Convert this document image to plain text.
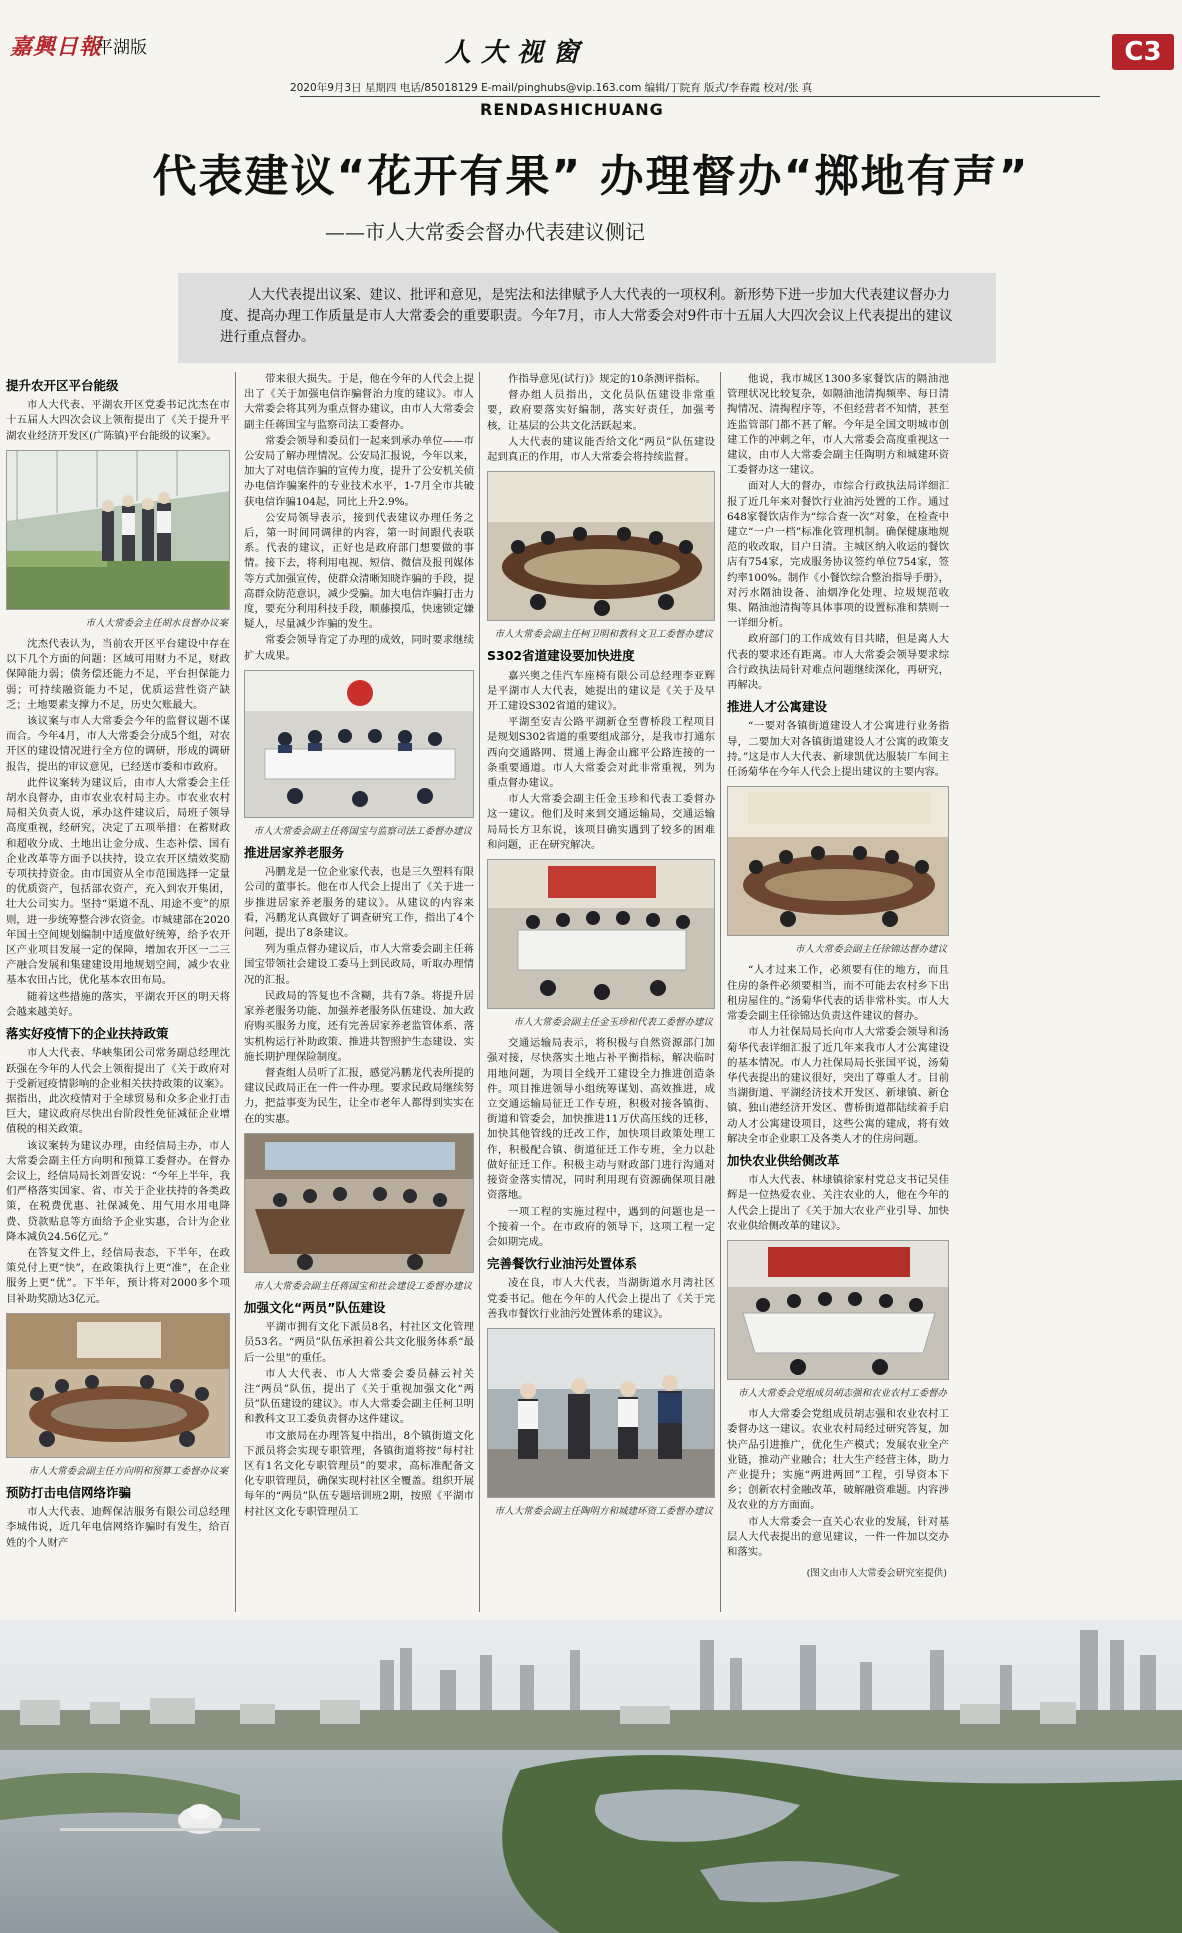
嘉興日報
平湖版	人大视窗	C3
2020年9月3日 星期四 电话/85018129 E-mail/pinghubs@vip.163.com 编辑/丁院育 版式/李春霞 校对/张 真
RENDASHICHUANG
代表建议“花开有果” 办理督办“掷地有声”
——市人大常委会督办代表建议侧记
人大代表提出议案、建议、批评和意见，是宪法和法律赋予人大代表的一项权利。新形势下进一步加大代表建议督办力度、提高办理工作质量是市人大常委会的重要职责。今年7月，市人大常委会对9件市十五届人大四次会议上代表提出的建议进行重点督办。
提升农开区平台能级

市人大代表、平湖农开区党委书记沈杰在市十五届人大四次会议上领衔提出了《关于提升平湖农业经济开发区(广陈镇)平台能级的议案》。

市人大常委会主任胡水良督办议案

沈杰代表认为，当前农开区平台建设中存在以下几个方面的问题：区域可用财力不足，财政保障能力弱；债务偿还能力不足，平台担保能力弱；可持续融资能力不足，优质运营性资产缺乏；土地要素支撑力不足，历史欠账最大。

该议案与市人大常委会今年的监督议题不谋而合。今年4月，市人大常委会分成5个组，对农开区的建设情况进行全方位的调研，形成的调研报告，提出的审议意见，已经送市委和市政府。

此件议案转为建议后，由市人大常委会主任胡水良督办，由市农业农村局主办。市农业农村局相关负责人说，承办这件建议后，局班子领导高度重视，经研究，决定了五项举措：在蓄财政和超收分成、土地出让金分成、生态补偿、国有企业改革等方面予以扶持，设立农开区绩效奖励专项扶持资金。由市国资从全市范围选择一定量的优质资产，包括部农资产，充入到农开集团，壮大公司实力。坚持“渠道不乱、用途不变”的原则，进一步统筹整合涉农资金。市城建部在2020年国土空间规划编制中适度做好统筹，给予农开区产业项目发展一定的保障，增加农开区一二三产融合发展和集建建设用地规划空间，减少农业基本农田占比，优化基本农田布局。

随着这些措施的落实，平湖农开区的明天将会越来越美好。

落实好疫情下的企业扶持政策

市人大代表、华峡集团公司常务副总经理沈跃强在今年的人代会上领衔提出了《关于政府对于受新冠疫情影响的企业相关扶持政策的议案》。据指出，此次疫情对于全球贸易和众多企业打击巨大，建议政府尽快出台阶段性免征减征企业增值税的相关政策。

该议案转为建议办理，由经信局主办，市人大常委会副主任方向明和预算工委督办。在督办会议上，经信局局长刘晋安说：“今年上半年，我们严格落实国家、省、市关于企业扶持的各类政策，在税费优惠、社保减免、用气用水用电降费、贷款贴息等方面给予企业实惠，合计为企业降本减负24.56亿元。”

在答复文件上，经信局表态，下半年，在政策兑付上更“快”，在政策执行上更“准”，在企业服务上更“优”。下半年，预计将对2000多个项目补助奖励达3亿元。

市人大常委会副主任方向明和预算工委督办议案
预防打击电信网络诈骗

市人大代表、迪辉保洁服务有限公司总经理李城伟说，近几年电信网络诈骗时有发生，给百姓的个人财产

带来很大损失。于是，他在今年的人代会上提出了《关于加强电信诈骗督治力度的建议》。市人大常委会将其列为重点督办建议，由市人大常委会副主任蒋国宝与监察司法工委督办。

常委会领导和委员们一起来到承办单位——市公安局了解办理情况。公安局汇报说，今年以来，加大了对电信诈骗的宣传力度，提升了公安机关侦办电信诈骗案件的专业技术水平，1-7月全市共破获电信诈骗104起，同比上升2.9%。

公安局领导表示，接到代表建议办理任务之后，第一时间同调律的内容，第一时间跟代表联系。代表的建议，正好也是政府部门想要做的事情。接下去，将利用电视、短信、微信及报刊媒体等方式加强宣传，使群众清晰知晓诈骗的手段，提高群众防范意识，减少受骗。加大电信诈骗打击力度，要充分利用科技手段，顺藤摸瓜，快速锁定嫌疑人，尽量减少诈骗的发生。

常委会领导肯定了办理的成效，同时要求继续扩大成果。

市人大常委会副主任蒋国宝与监察司法工委督办建议
推进居家养老服务

冯鹏龙是一位企业家代表，也是三久塑料有限公司的董事长。他在市人代会上提出了《关于进一步推进居家养老服务的建议》。从建议的内容来看，冯鹏龙认真做好了调查研究工作，指出了4个问题，提出了8条建议。

列为重点督办建议后，市人大常委会副主任蒋国宝带领社会建设工委马上到民政局，听取办理情况的汇报。

民政局的答复也不含糊，共有7条。将提升居家养老服务功能、加强养老服务队伍建设、加大政府购买服务力度，还有完善居家养老监管体系、落实机构运行补助政策、推进共智照护生态建设、实施长期护理保险制度。

督查组人员听了汇报，感觉冯鹏龙代表所提的建议民政局正在一件一件办理。要求民政局继续努力，把益事变为民生，让全市老年人都得到实实在在的实惠。

市人大常委会副主任蒋国宝和社会建设工委督办建议
加强文化“两员”队伍建设

平湖市拥有文化下派员8名，村社区文化管理员53名。“两员”队伍承担着公共文化服务体系“最后一公里”的重任。

市人大代表、市人大常委会委员赫云衬关注“两员”队伍，提出了《关于重视加强文化“两员”队伍建设的建议》。市人大常委会副主任柯卫明和教科文卫工委负责督办这件建议。

市文旅局在办理答复中指出，8个镇街道文化下派员将会实现专职管理，各镇街道将按“每村社区有1名文化专职管理员”的要求，高标准配备文化专职管理员，确保实现村社区全覆盖。组织开展每年的“两员”队伍专题培训班2期，按照《平湖市村社区文化专职管理员工

作指导意见(试行)》规定的10条测评指标。

督办组人员指出，文化员队伍建设非常重要，政府要落实好编制，落实好责任，加强考核，让基层的公共文化活跃起来。

人大代表的建议能否给文化“两员”队伍建设起到真正的作用，市人大常委会将持续监督。

市人大常委会副主任柯卫明和教科文卫工委督办建议
S302省道建设要加快进度

嘉兴奥之佳汽车座椅有限公司总经理李亚辉是平湖市人大代表，她提出的建议是《关于及早开工建设S302省道的建议》。

平湖至安吉公路平湖新仓至曹桥段工程项目是规划S302省道的重要组成部分，是我市打通东西向交通路网、贯通上海金山廊平公路连接的一条重要通道。市人大常委会对此非常重视，列为重点督办建议。

市人大常委会副主任金玉珍和代表工委督办这一建议。他们及时来到交通运输局，交通运输局局长方卫东说，该项目确实遇到了较多的困难和问题，正在研究解决。

市人大常委会副主任金玉珍和代表工委督办建议

交通运输局表示，将积极与自然资源部门加强对接，尽快落实土地占补平衡指标，解决临时用地问题，为项目全线开工建设全力推进创造条件。项目推进领导小组统筹谋划、高效推进，成立交通运输局征迁工作专班，积极对接各镇街、街道和管委会，加快推进11万伏高压线的迁移，加快其他管线的迁改工作，加快项目政策处理工作，积极配合镇、街道征迁工作专班，全力以赴做好征迁工作。积极主动与财政部门进行沟通对接资金落实情况，同时利用现有资源确保项目融资落地。

一项工程的实施过程中，遇到的问题也是一个接着一个。在市政府的领导下，这项工程一定会如期完成。

完善餐饮行业油污处置体系

凌在良，市人大代表，当湖街道水月湾社区党委书记。他在今年的人代会上提出了《关于完善我市餐饮行业油污处置体系的建议》。

市人大常委会副主任陶明方和城建环资工委督办建议

他说，我市城区1300多家餐饮店的隔油池管理状况比较复杂，如隔油池清掏频率、每日清掏情况、清掏程序等，不但经营者不知情，甚至连监管部门都不甚了解。今年是全国文明城市创建工作的冲刺之年，市人大常委会高度重视这一建议，由市人大常委会副主任陶明方和城建环资工委督办这一建议。

面对人大的督办，市综合行政执法局详细汇报了近几年来对餐饮行业油污处置的工作。通过648家餐饮店作为“综合查一次”对象，在检查中建立“一户一档”标准化管理机制。确保健康地规范的收改取，目户日清。主城区纳入收运的餐饮店有754家，完成服务协议签约单位754家，签约率100%。制作《小餐饮综合整治指导手册》，对污水隔油设备、油烟净化处理、垃圾规范收集、隔油池清掏等具体事项的设置标准和禁则一一详细分析。

政府部门的工作成效有目共睹，但是离人大代表的要求还有距离。市人大常委会领导要求综合行政执法局针对难点问题继续深化，再研究，再解决。

推进人才公寓建设

“一要对各镇街道建设人才公寓进行业务指导，二要加大对各镇街道建设人才公寓的政策支持。”这是市人大代表、新埭凯优达服装厂车间主任汤菊华在今年人代会上提出建议的主要内容。

市人大常委会副主任徐锦达督办建议

“人才过来工作，必须要有住的地方，而且住房的条件必须要相当，而不可能去农村乡下出租房屋住的。”汤菊华代表的话非常朴实。市人大常委会副主任徐锦达负责这件建议的督办。

市人力社保局局长向市人大常委会领导和汤菊华代表详细汇报了近几年来我市人才公寓建设的基本情况。市人力社保局局长张国平说，汤菊华代表提出的建议很好，突出了尊重人才。目前当湖街道、平湖经济技术开发区、新埭镇、新仓镇、独山港经济开发区、曹桥街道都陆续着手启动人才公寓建设项目，这些公寓的建成，将有效解决全市企业职工及各类人才的住房问题。

加快农业供给侧改革

市人大代表、林埭镇徐家村党总支书记吴佳辉是一位热爱农业、关注农业的人，他在今年的人代会上提出了《关于加大农业产业引导、加快农业供给侧改革的建议》。

市人大常委会党组成员胡志强和农业农村工委督办

市人大常委会党组成员胡志强和农业农村工委督办这一建议。农业农村局经过研究答复，加快产品引进推广，优化生产模式；发展农业全产业链，推动产业融合；壮大生产经营主体，助力产业提升；实施“两进两回”工程，引导资本下乡；创新农村金融改革，破解融资难题。内容涉及农业的方方面面。

市人大常委会一直关心农业的发展，针对基层人大代表提出的意见建议，一件一件加以交办和落实。

(图文由市人大常委会研究室提供)
